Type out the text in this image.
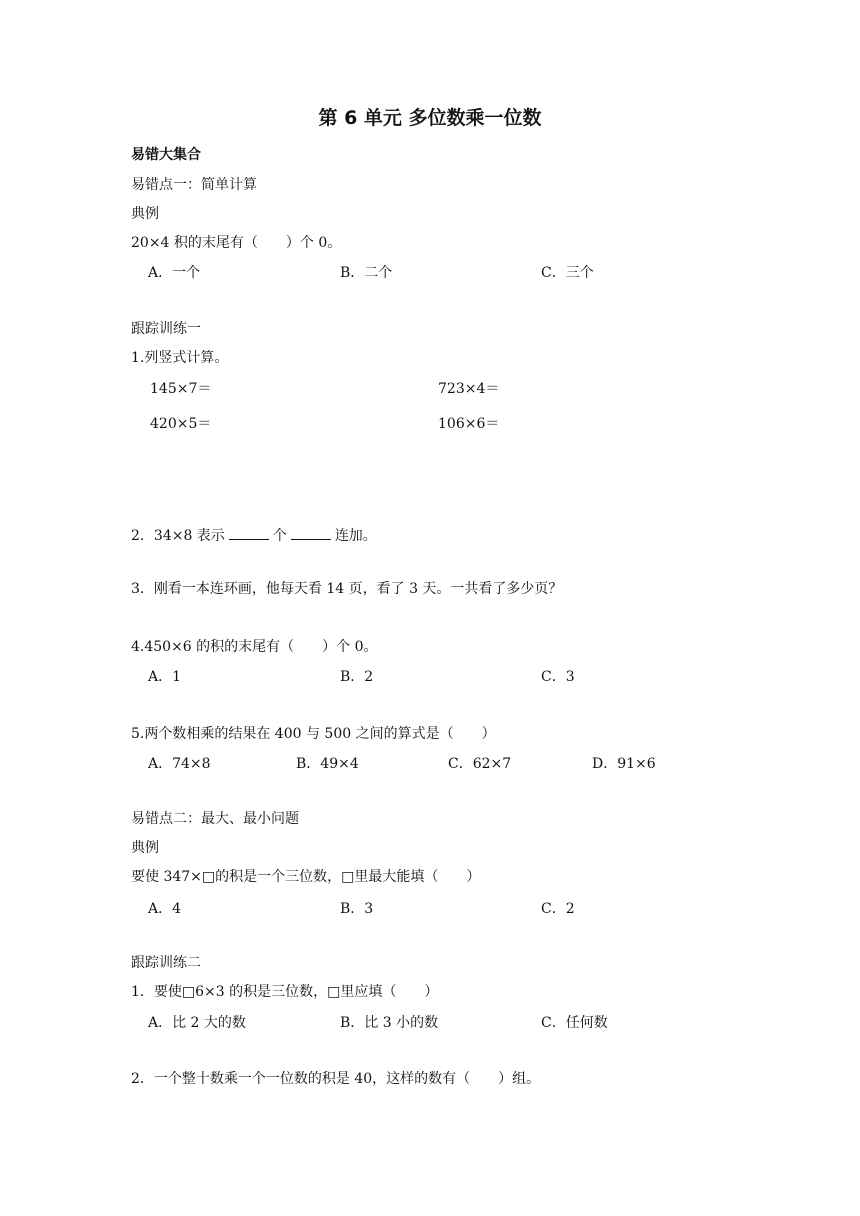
第 6 单元 多位数乘一位数
易错大集合
易错点一：简单计算
典例
20×4 积的末尾有（　　）个 0。
A．一个	B．二个	C．三个
跟踪训练一
1.列竖式计算。
145×7＝	723×4＝
420×5＝	106×6＝
2．34×8 表示	个	连加。
3．刚看一本连环画，他每天看 14 页，看了 3 天。一共看了多少页？
4.450×6 的积的末尾有（　　）个 0。
A．1	B．2	C．3
5.两个数相乘的结果在 400 与 500 之间的算式是（　　）
A．74×8	B．49×4	C．62×7	D．91×6
易错点二：最大、最小问题
典例
要使 347×□的积是一个三位数，□里最大能填（　　）
A．4	B．3	C．2
跟踪训练二
1．要使□6×3 的积是三位数，□里应填（　　）
A．比 2 大的数	B．比 3 小的数	C．任何数
2．一个整十数乘一个一位数的积是 40，这样的数有（　　）组。
